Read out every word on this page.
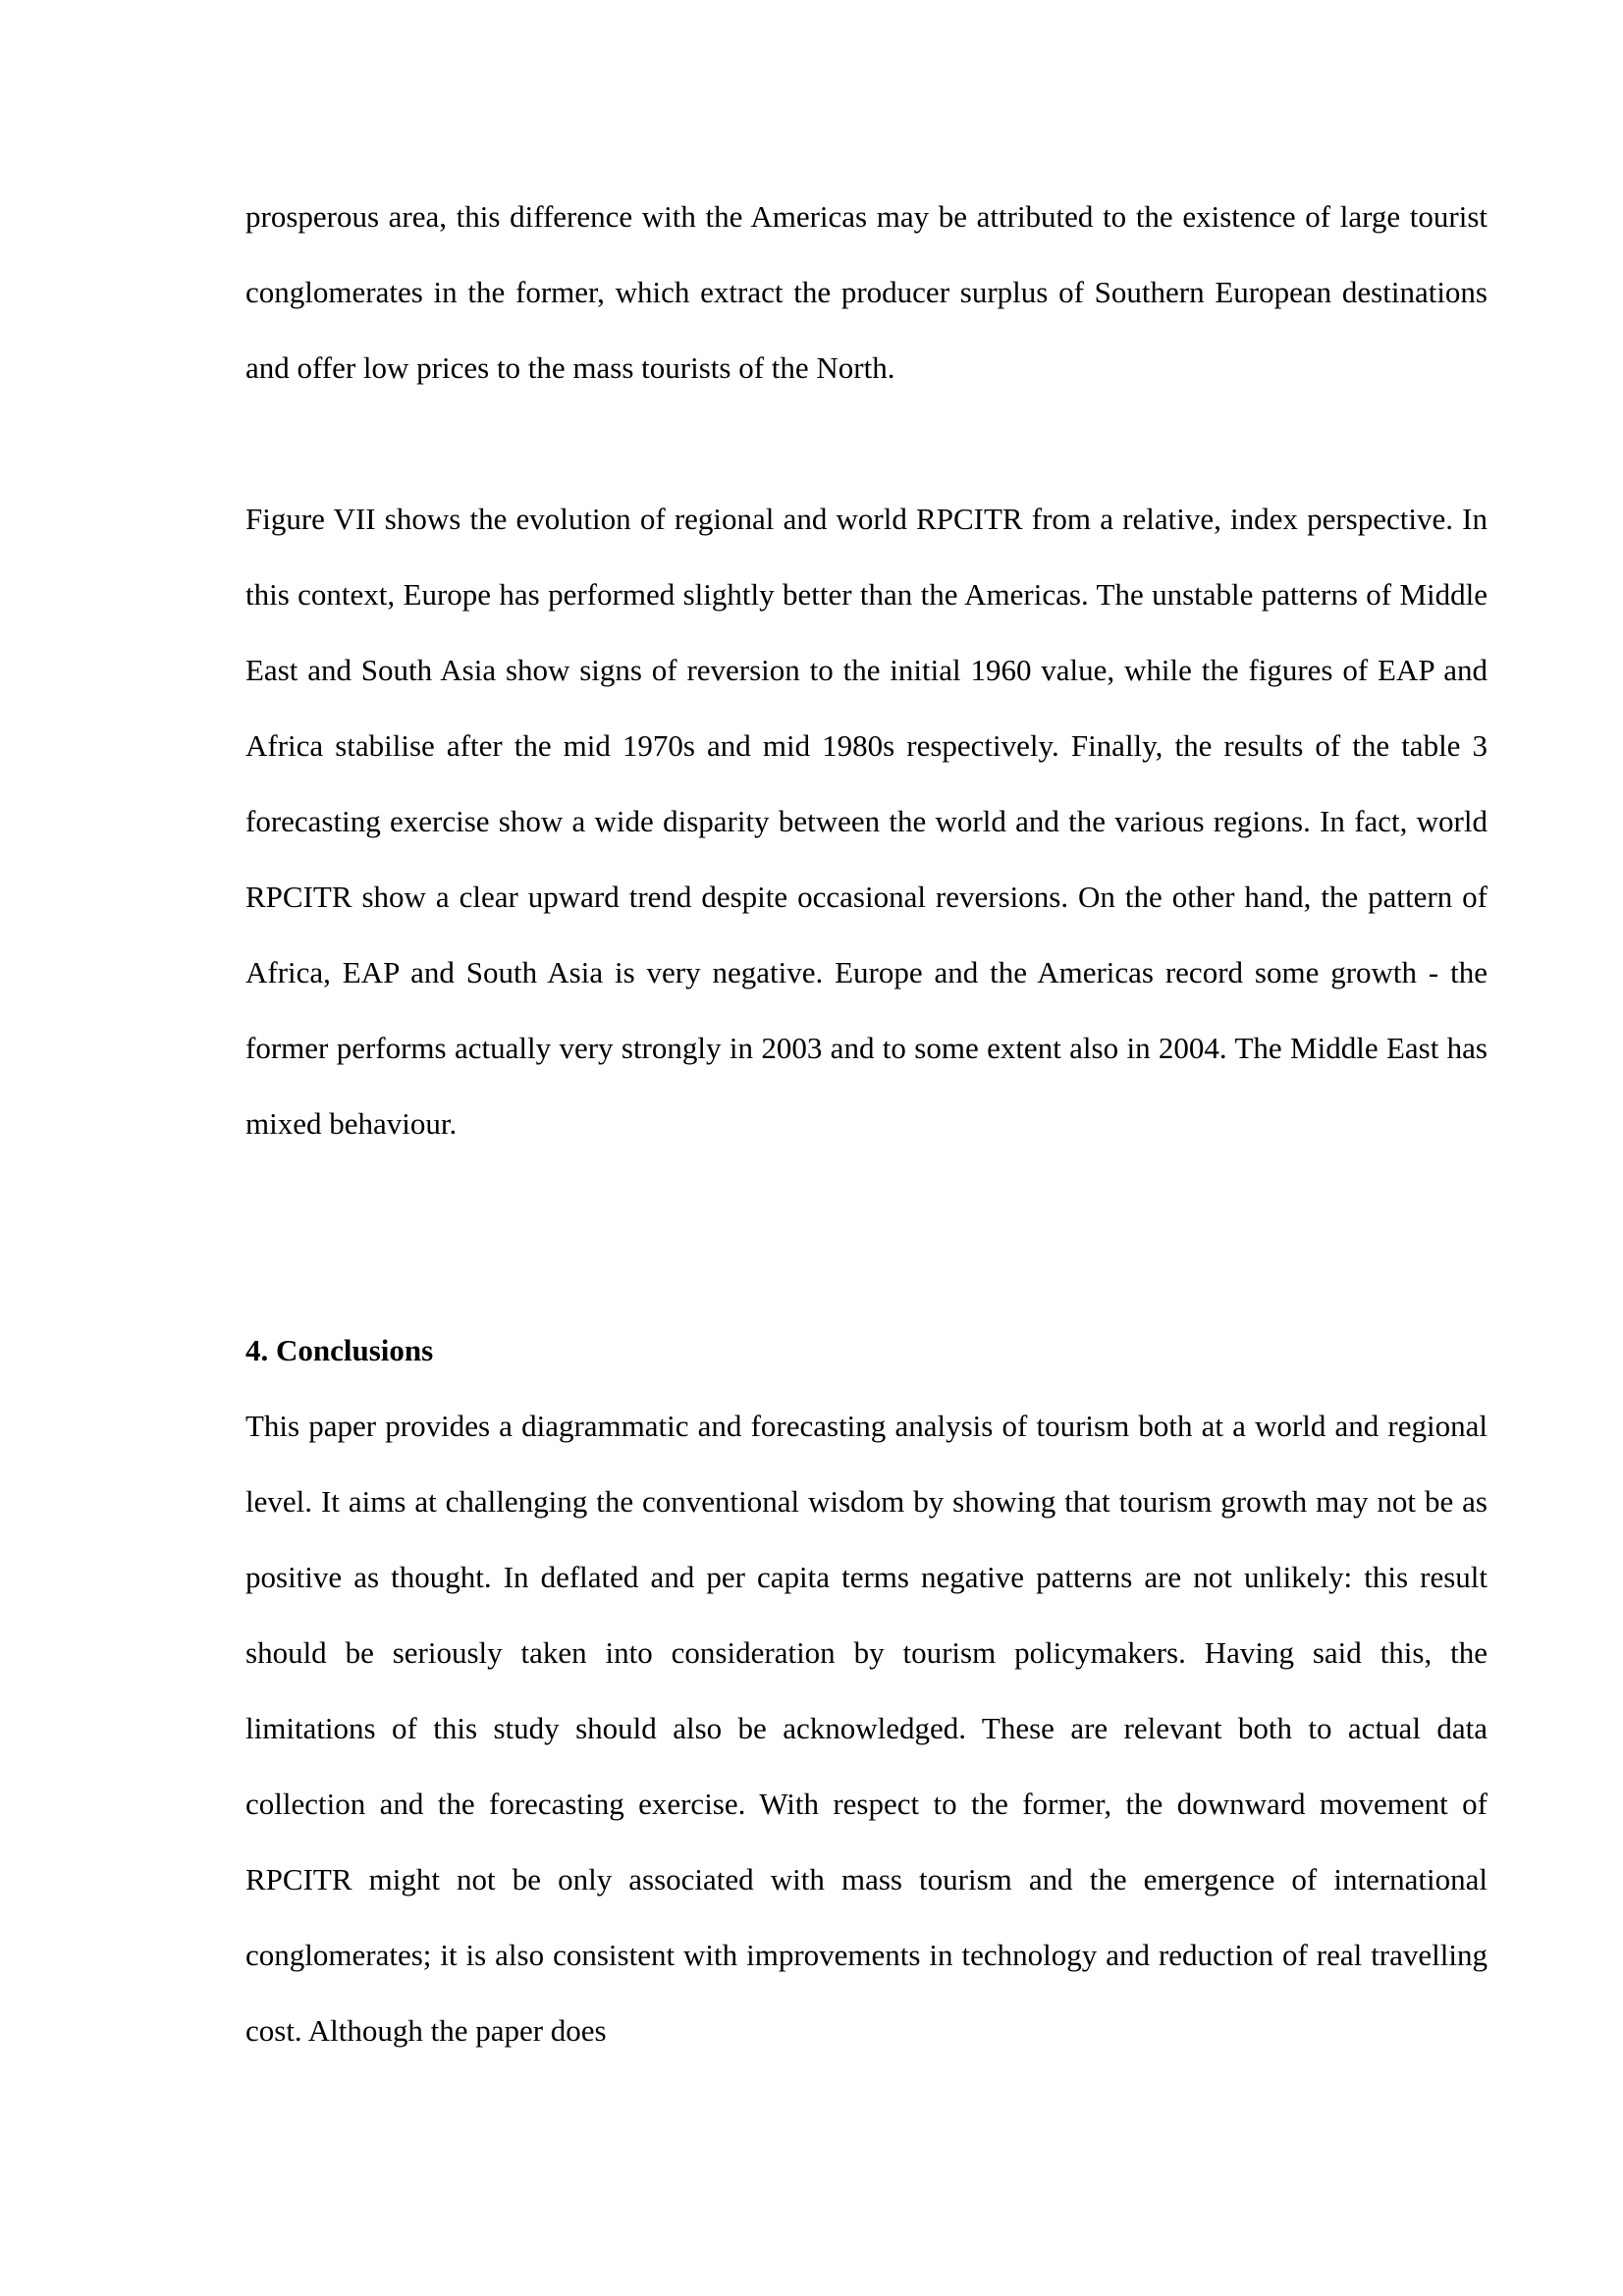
prosperous area, this difference with the Americas may be attributed to the existence of large tourist conglomerates in the former, which extract the producer surplus of Southern European destinations and offer low prices to the mass tourists of the North.

Figure VII shows the evolution of regional and world RPCITR from a relative, index perspective. In this context, Europe has performed slightly better than the Americas. The unstable patterns of Middle East and South Asia show signs of reversion to the initial 1960 value, while the figures of EAP and Africa stabilise after the mid 1970s and mid 1980s respectively. Finally, the results of the table 3 forecasting exercise show a wide disparity between the world and the various regions. In fact, world RPCITR show a clear upward trend despite occasional reversions. On the other hand, the pattern of Africa, EAP and South Asia is very negative. Europe and the Americas record some growth - the former performs actually very strongly in 2003 and to some extent also in 2004. The Middle East has mixed behaviour.

4. Conclusions

This paper provides a diagrammatic and forecasting analysis of tourism both at a world and regional level. It aims at challenging the conventional wisdom by showing that tourism growth may not be as positive as thought. In deflated and per capita terms negative patterns are not unlikely: this result should be seriously taken into consideration by tourism policymakers. Having said this, the limitations of this study should also be acknowledged. These are relevant both to actual data collection and the forecasting exercise. With respect to the former, the downward movement of RPCITR might not be only associated with mass tourism and the emergence of international conglomerates; it is also consistent with improvements in technology and reduction of real travelling cost. Although the paper does
